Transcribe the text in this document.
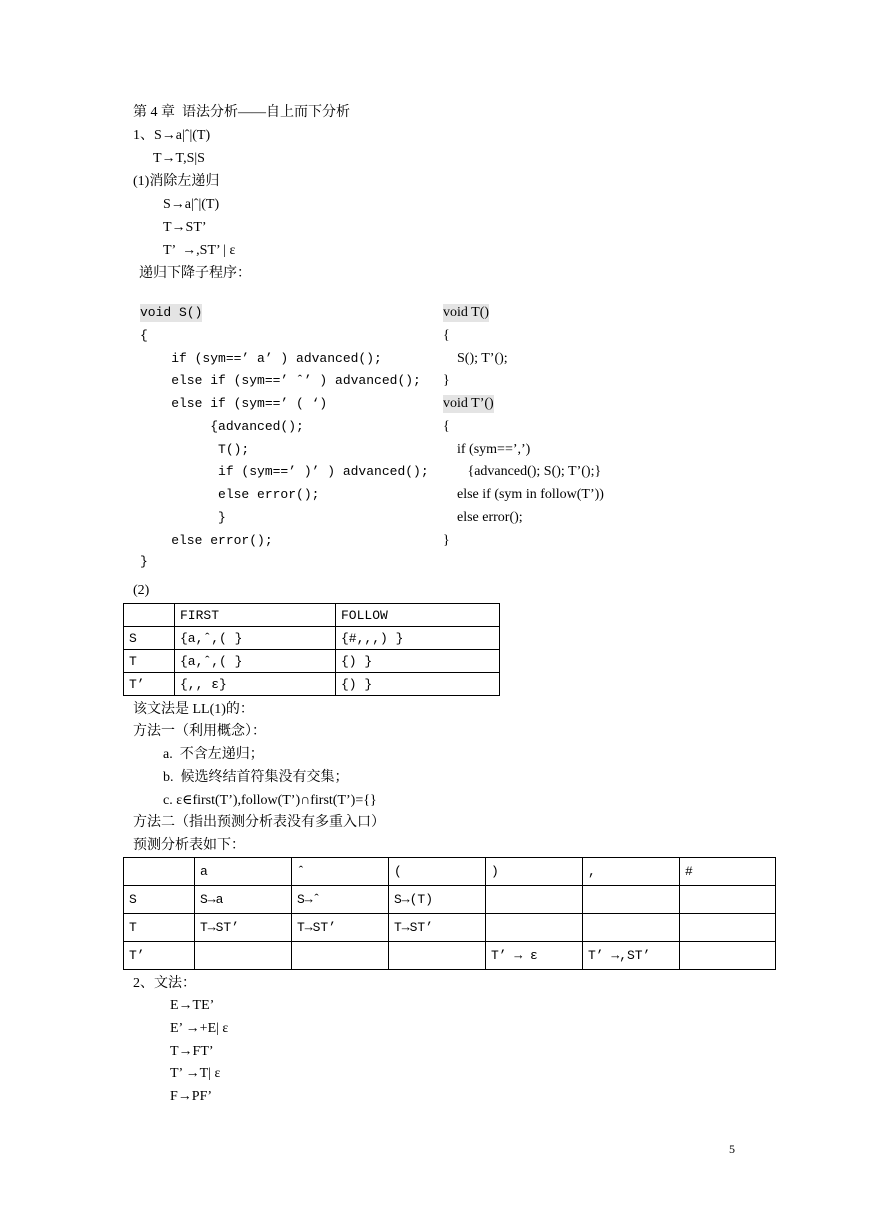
第 4 章  语法分析——自上而下分析
1、S→a|ˆ|(T)
T→T,S|S
(1)消除左递归
S→a|ˆ|(T)
T→ST’
T’  →,ST’ | ε
递归下降子程序：
void S()
{
if (sym==’ a’ ) advanced();
else if (sym==’ ˆ’ ) advanced();
else if (sym==’ ( ‘)
{advanced();
T();
if (sym==’ )’ ) advanced();
else error();
}
else error();
}
void T()
{
S(); T’();
}
void T’()
{
if (sym==’,’)
{advanced(); S(); T’();}
else if (sym in follow(T’))
else error();
}
(2)
	FIRST	FOLLOW
S	{a,ˆ,( }	{#,,,) }
T	{a,ˆ,( }	{) }
T’	{,, ε}	{) }
该文法是 LL(1)的：
方法一（利用概念）：
a.  不含左递归；
b.  候选终结首符集没有交集；
c. ε∈first(T’),follow(T’)∩first(T’)={}
方法二（指出预测分析表没有多重入口）
预测分析表如下：
	a	ˆ	(	)	,	#
S	S→a	S→ˆ	S→(T)			
T	T→ST’	T→ST’	T→ST’			
T’				T’ → ε	T’ →,ST’	
2、文法：
E→TE’
E’ →+E| ε
T→FT’
T’ →T| ε
F→PF’
5
